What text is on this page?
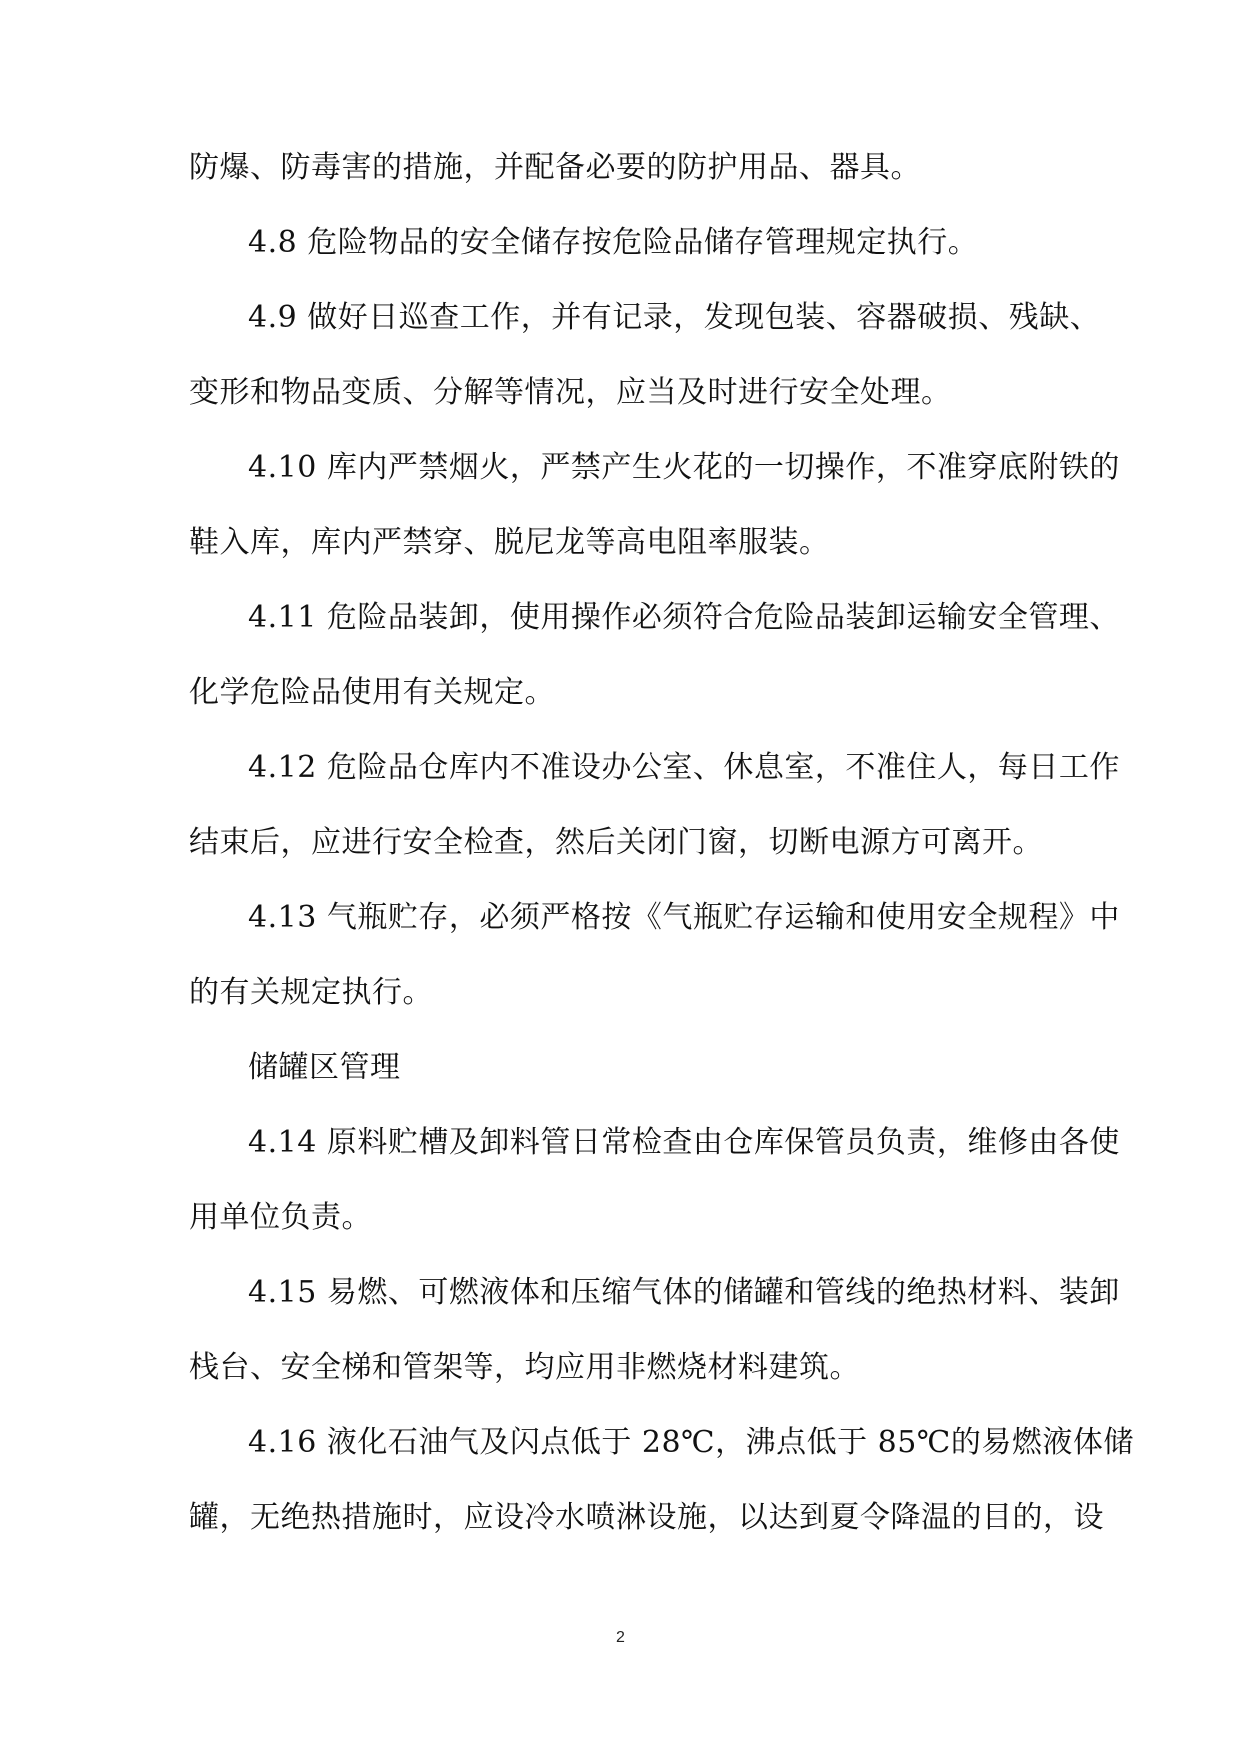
防爆、防毒害的措施，并配备必要的防护用品、器具。
4.8 危险物品的安全储存按危险品储存管理规定执行。
4.9 做好日巡查工作，并有记录，发现包装、容器破损、残缺、
变形和物品变质、分解等情况，应当及时进行安全处理。
4.10 库内严禁烟火，严禁产生火花的一切操作，不准穿底附铁的
鞋入库，库内严禁穿、脱尼龙等高电阻率服装。
4.11 危险品装卸，使用操作必须符合危险品装卸运输安全管理、
化学危险品使用有关规定。
4.12 危险品仓库内不准设办公室、休息室，不准住人，每日工作
结束后，应进行安全检查，然后关闭门窗，切断电源方可离开。
4.13 气瓶贮存，必须严格按《气瓶贮存运输和使用安全规程》中
的有关规定执行。
储罐区管理
4.14 原料贮槽及卸料管日常检查由仓库保管员负责，维修由各使
用单位负责。
4.15 易燃、可燃液体和压缩气体的储罐和管线的绝热材料、装卸
栈台、安全梯和管架等，均应用非燃烧材料建筑。
4.16 液化石油气及闪点低于 28℃，沸点低于 85℃的易燃液体储
罐，无绝热措施时，应设冷水喷淋设施，以达到夏令降温的目的，设
2
